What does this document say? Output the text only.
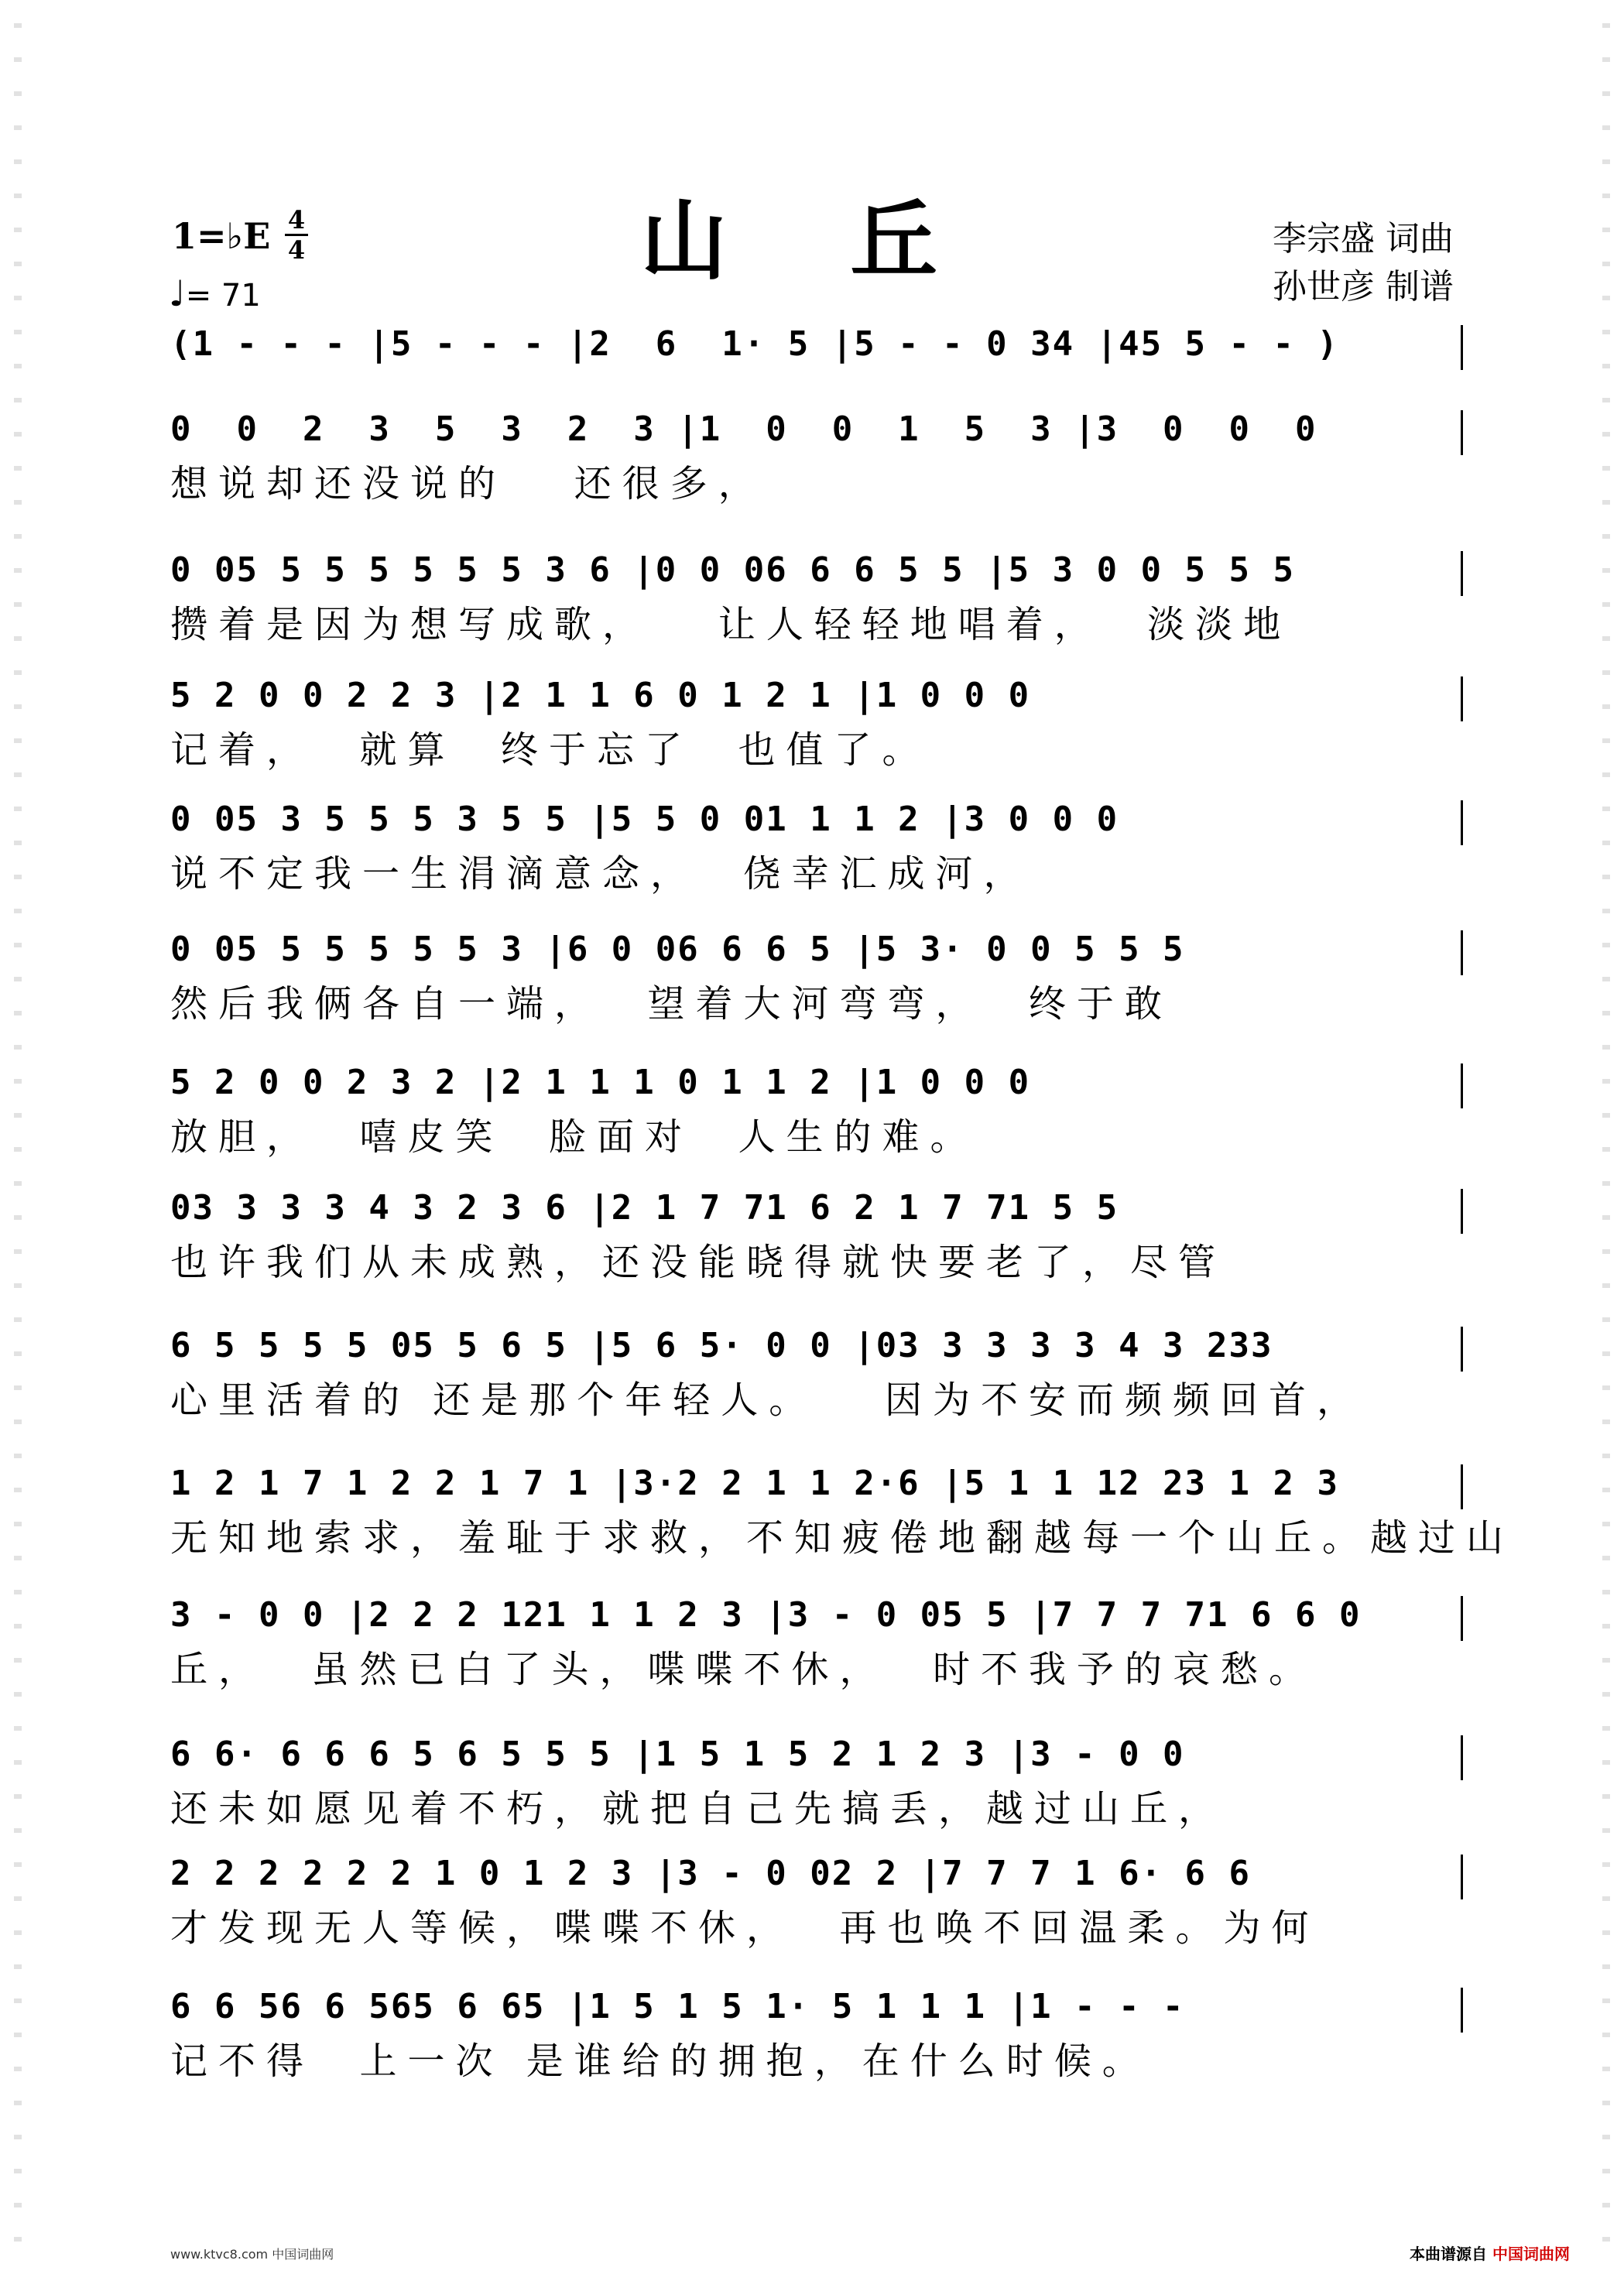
山 丘	李宗盛 词曲
孙世彦 制谱
1=♭E 4
4
♩= 71
(1 - - - |5 - - - |2  6  1· 5 |5 - - 0 34 |45 5 - - )
0  0  2  3  5  3  2  3 |1  0  0  1  5  3 |3  0  0  0
想说却还没说的   还很多，
0 05 5 5 5 5 5 5 3 6 |0 0 06 6 6 5 5 |5 3 0 0 5 5 5
攒着是因为想写成歌，   让人轻轻地唱着，  淡淡地
5 2 0 0 2 2 3 |2 1 1 6 0 1 2 1 |1 0 0 0
记着，  就算  终于忘了  也值了。
0 05 3 5 5 5 3 5 5 |5 5 0 01 1 1 2 |3 0 0 0
说不定我一生涓滴意念，  侥幸汇成河，
0 05 5 5 5 5 5 3 |6 0 06 6 6 5 |5 3· 0 0 5 5 5
然后我俩各自一端，  望着大河弯弯，  终于敢
5 2 0 0 2 3 2 |2 1 1 1 0 1 1 2 |1 0 0 0
放胆，  嘻皮笑  脸面对  人生的难。
03 3 3 3 4 3 2 3 6 |2 1 7 71 6 2 1 7 71 5 5
也许我们从未成熟，还没能晓得就快要老了，尽管
6 5 5 5 5 05 5 6 5 |5 6 5· 0 0 |03 3 3 3 3 4 3 233
心里活着的 还是那个年轻人。   因为不安而频频回首，
1 2 1 7 1 2 2 1 7 1 |3·2 2 1 1 2·6 |5 1 1 12 23 1 2 3
无知地索求，羞耻于求救，不知疲倦地翻越每一个山丘。越过山
3 - 0 0 |2 2 2 121 1 1 2 3 |3 - 0 05 5 |7 7 7 71 6 6 0
丘，  虽然已白了头，喋喋不休，  时不我予的哀愁。
6 6· 6 6 6 5 6 5 5 5 |1 5 1 5 2 1 2 3 |3 - 0 0
还未如愿见着不朽，就把自己先搞丢，越过山丘，
2 2 2 2 2 2 1 0 1 2 3 |3 - 0 02 2 |7 7 7 1 6· 6 6
才发现无人等候，喋喋不休，  再也唤不回温柔。为何
6 6 56 6 565 6 65 |1 5 1 5 1· 5 1 1 1 |1 - - -
记不得  上一次 是谁给的拥抱，在什么时候。
www.ktvc8.com 中国词曲网	本曲谱源自 中国词曲网
